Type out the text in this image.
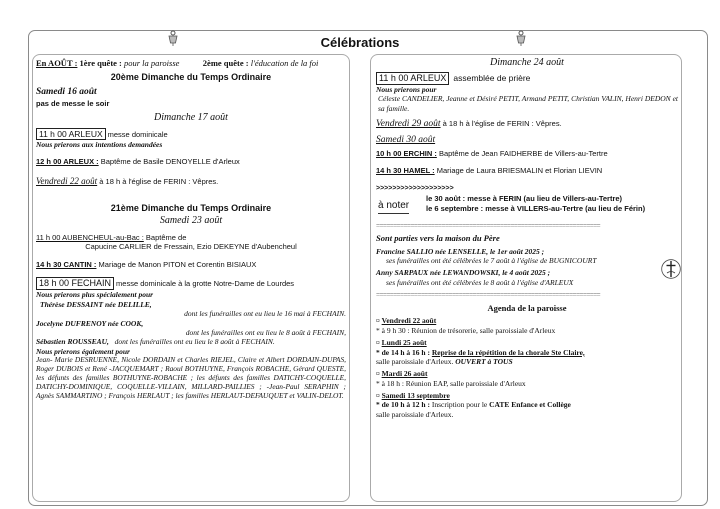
Célébrations
En AOÛT : 1ère quête : pour la paroisse	2ème quête : l'éducation de la foi
20ème Dimanche du Temps Ordinaire
Samedi 16 août
pas de messe le soir
Dimanche 17 août
11 h 00 ARLEUX messe dominicale
Nous prierons aux intentions demandées
12 h 00 ARLEUX : Baptême de Basile DENOYELLE d'Arleux
Vendredi 22 août à 18 h à l'église de FERIN : Vêpres.
21ème Dimanche du Temps Ordinaire
Samedi 23 août
11 h 00 AUBENCHEUL-au-Bac : Baptême de
Capucine CARLIER de Fressain, Ezio DEKEYNE d'Aubencheul
14 h 30 CANTIN : Mariage de Manon PITON et Corentin BISIAUX
18 h 00 FECHAIN messe dominicale à la grotte Notre-Dame de Lourdes
Nous prierons plus spécialement pour
Thérèse DESSAINT née DELILLE,
dont les funérailles ont eu lieu le 16 mai à FECHAIN.
Jocelyne DUFRENOY née COOK,
dont les funérailles ont eu lieu le 8 août à FECHAIN,
Sébastien ROUSSEAU, dont les funérailles ont eu lieu le 8 août à FECHAIN.
Nous prierons également pour
Jean- Marie DESRUENNE, Nicole DORDAIN et Charles RIEJEL, Claire et Albert DORDAIN-DUPAS, Roger DUBOIS et René -JACQUEMART ; Raoul BOTHUYNE, François ROBACHE, Gérard QUESTE, les défunts des familles BOTHUYNE-ROBACHE ; les défunts des familles DATICHY-COQUELLE, DATICHY-DOMINIQUE, COQUELLE-VILLAIN, MILLARD-PAILLIES ; -Jean-Paul SERAPHIN ; Agnès SAMMARTINO ; François HERLAUT ; les familles HERLAUT-DEFAUQUET et VALIN-DELOT.
Dimanche 24 août
11 h 00 ARLEUX assemblée de prière
Nous prierons pour
Céleste CANDELIER, Jeanne et Désiré PETIT, Armand PETIT, Christian VALIN, Henri DEDON et sa famille.
Vendredi 29 août à 18 h à l'église de FERIN : Vêpres.
Samedi 30 août
10 h 00 ERCHIN : Baptême de Jean FAIDHERBE de Villers-au-Tertre
14 h 30 HAMEL : Mariage de Laura BRIESMALIN et Florian LIEVIN
>>>>>>>>>>>>>>>>>>>
à noter
le 30 août : messe à FERIN (au lieu de Villers-au-Tertre)
le 6 septembre : messe à VILLERS-au-Tertre (au lieu de Férin)
=================================================================
Sont parties vers la maison du Père
Francine SALLIO née LENSELLE, le 1er août 2025 ;
ses funérailles ont été célébrées le 7 août à l'église de BUGNICOURT
Anny SARPAUX née LEWANDOWSKI, le 4 août 2025 ;
ses funérailles ont été célébrées le 8 août à l'église d'ARLEUX
=================================================================
Agenda de la paroisse
¤ Vendredi 22 août
* à 9 h 30 : Réunion de trésorerie, salle paroissiale d'Arleux
¤ Lundi 25 août
* de 14 h à 16 h : Reprise de la répétition de la chorale Ste Claire,
salle paroissiale d'Arleux. OUVERT à TOUS
¤ Mardi 26 août
* à 18 h : Réunion EAP, salle paroissiale d'Arleux
¤ Samedi 13 septembre
* de 10 h à 12 h : Inscription pour le CATE Enfance et Collège
salle paroissiale d'Arleux.
